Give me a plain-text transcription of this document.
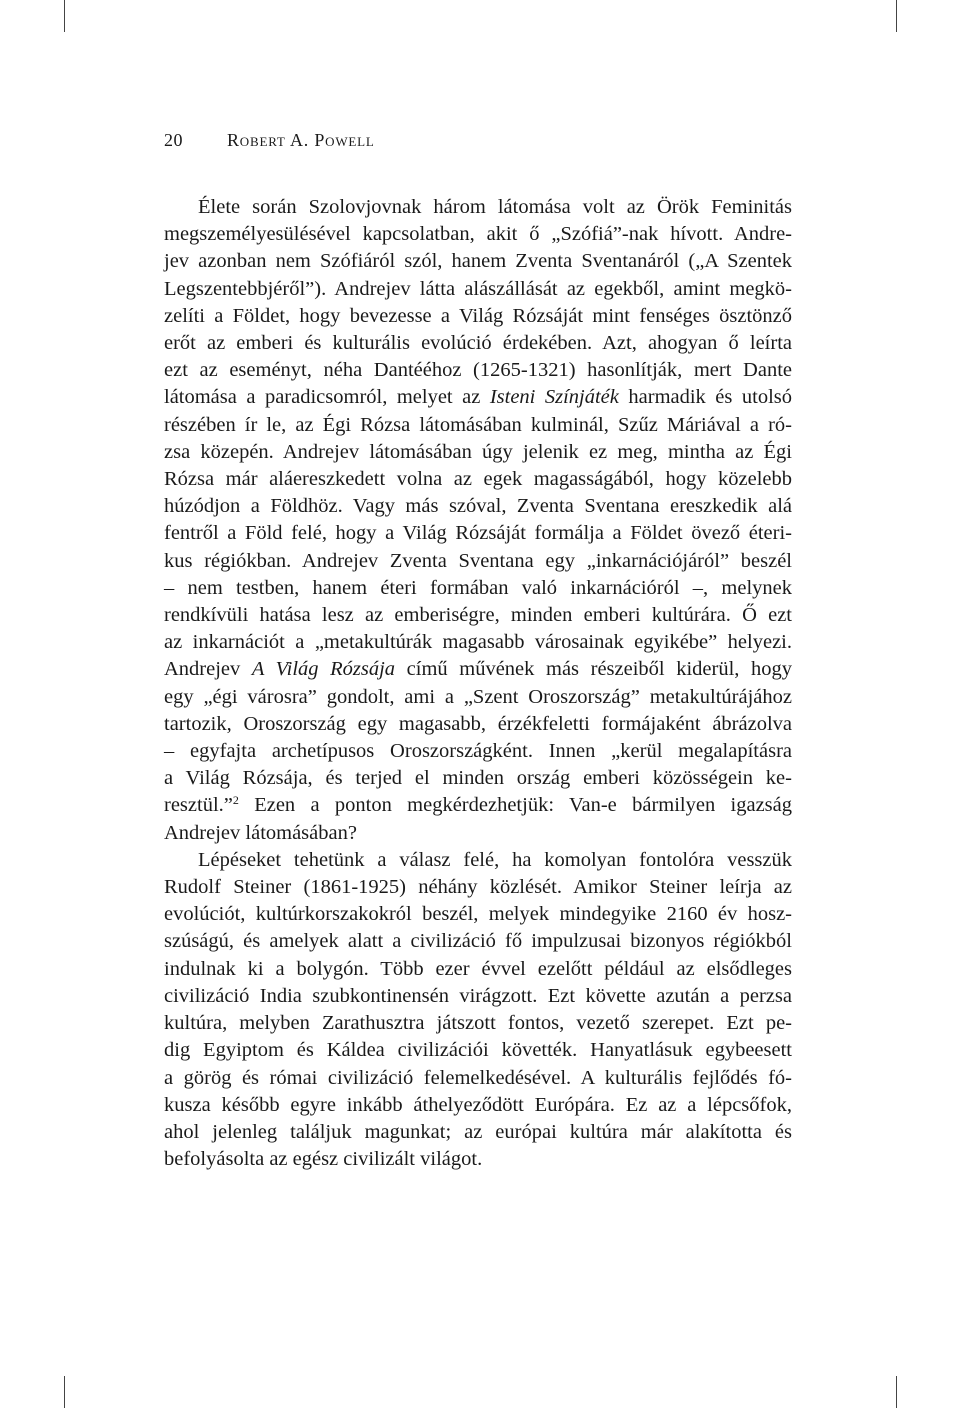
20 Robert A. Powell
Élete során Szolovjovnak három látomása volt az Örök Feminitás
megszemélyesülésével kapcsolatban, akit ő „Szófiá”-nak hívott. Andre-
jev azonban nem Szófiáról szól, hanem Zventa Sventanáról („A Szentek
Legszentebbjéről”). Andrejev látta alászállását az egekből, amint megkö-
zelíti a Földet, hogy bevezesse a Világ Rózsáját mint fenséges ösztönző
erőt az emberi és kulturális evolúció érdekében. Azt, ahogyan ő leírta
ezt az eseményt, néha Dantééhoz (1265-1321) hasonlítják, mert Dante
látomása a paradicsomról, melyet az Isteni Színjáték harmadik és utolsó
részében ír le, az Égi Rózsa látomásában kulminál, Szűz Máriával a ró-
zsa közepén. Andrejev látomásában úgy jelenik ez meg, mintha az Égi
Rózsa már aláereszkedett volna az egek magasságából, hogy közelebb
húzódjon a Földhöz. Vagy más szóval, Zventa Sventana ereszkedik alá
fentről a Föld felé, hogy a Világ Rózsáját formálja a Földet övező éteri-
kus régiókban. Andrejev Zventa Sventana egy „inkarnációjáról” beszél
– nem testben, hanem éteri formában való inkarnációról –, melynek
rendkívüli hatása lesz az emberiségre, minden emberi kultúrára. Ő ezt
az inkarnációt a „metakultúrák magasabb városainak egyikébe” helyezi.
Andrejev A Világ Rózsája című művének más részeiből kiderül, hogy
egy „égi városra” gondolt, ami a „Szent Oroszország” metakultúrájához
tartozik, Oroszország egy magasabb, érzékfeletti formájaként ábrázolva
– egyfajta archetípusos Oroszországként. Innen „kerül megalapításra
a Világ Rózsája, és terjed el minden ország emberi közösségein ke-
resztül.”$^2$ Ezen a ponton megkérdezhetjük: Van-e bármilyen igazság
Andrejev látomásában?
Lépéseket tehetünk a válasz felé, ha komolyan fontolóra vesszük
Rudolf Steiner (1861-1925) néhány közlését. Amikor Steiner leírja az
evolúciót, kultúrkorszakokról beszél, melyek mindegyike 2160 év hosz-
szúságú, és amelyek alatt a civilizáció fő impulzusai bizonyos régiókból
indulnak ki a bolygón. Több ezer évvel ezelőtt például az elsődleges
civilizáció India szubkontinensén virágzott. Ezt követte azután a perzsa
kultúra, melyben Zarathusztra játszott fontos, vezető szerepet. Ezt pe-
dig Egyiptom és Káldea civilizációi követték. Hanyatlásuk egybeesett
a görög és római civilizáció felemelkedésével. A kulturális fejlődés fó-
kusza később egyre inkább áthelyeződött Európára. Ez az a lépcsőfok,
ahol jelenleg találjuk magunkat; az európai kultúra már alakította és
befolyásolta az egész civilizált világot.
